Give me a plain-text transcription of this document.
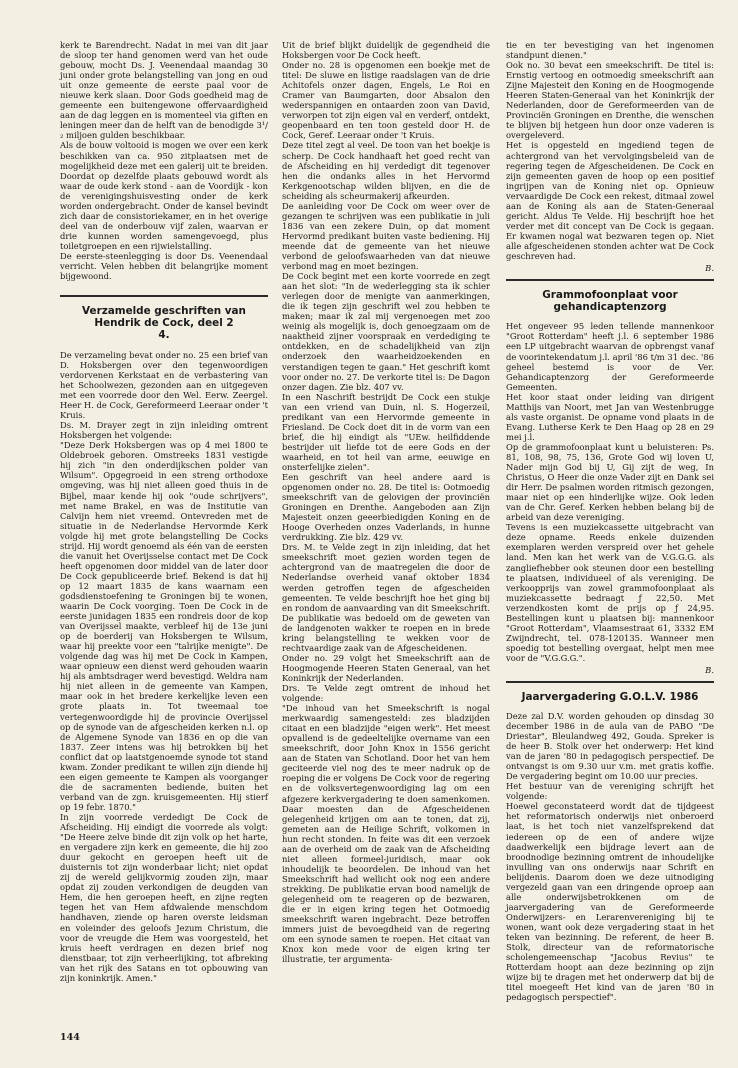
kerk te Barendrecht. Nadat in mei van dit jaar de sloop ter hand genomen werd van het oude gebouw, mocht Ds. J. Veenendaal maandag 30 juni onder grote belangstelling van jong en oud uit onze gemeente de eerste paal voor de nieuwe kerk slaan. Door Gods goedheid mag de gemeente een buitengewone offervaardigheid aan de dag leggen en is momenteel via giften en leningen meer dan de helft van de benodigde 3¹/₂ miljoen gulden beschikbaar.

Als de bouw voltooid is mogen we over een kerk beschikken van ca. 950 zitplaatsen met de mogelijkheid deze met een galerij uit te breiden. Doordat op dezelfde plaats gebouwd wordt als waar de oude kerk stond - aan de Voordijk - kon de verenigingshuisvesting onder de kerk worden ondergebracht. Onder de kansel bevindt zich daar de consistoriekamer, en in het overige deel van de onderbouw vijf zalen, waarvan er drie kunnen worden samengevoegd, plus toiletgroepen en een rijwielstalling.

De eerste-steenlegging is door Ds. Veenendaal verricht. Velen hebben dit belangrijke moment bijgewoond.

Verzamelde geschriften van Hendrik de Cock, deel 2
4.

De verzameling bevat onder no. 25 een brief van D. Hoksbergen over den tegenwoordigen verdorvenen Kerkstaat en de verbastering van het Schoolwezen, gezonden aan en uitgegeven met een voorrede door den Wel. Eerw. Zeergel. Heer H. de Cock, Gereformeerd Leeraar onder 't Kruis.

Ds. M. Drayer zegt in zijn inleiding omtrent Hoksbergen het volgende:

"Deze Derk Hoksbergen was op 4 mei 1800 te Oldebroek geboren. Omstreeks 1831 vestigde hij zich "in den onderdijkschen polder van Wilsum". Opgegroeid in een streng orthodoxe omgeving, was hij niet alleen goed thuis in de Bijbel, maar kende hij ook "oude schrijvers", met name Brakel, en was de Institutie van Calvijn hem niet vreemd. Ontevreden met de situatie in de Nederlandse Hervormde Kerk volgde hij met grote belangstelling De Cocks strijd. Hij wordt genoemd als één van de eersten die vanuit het Overijsselse contact met De Cock heeft opgenomen door middel van de later door De Cock gepubliceerde brief. Bekend is dat hij op 12 maart 1835 de kans waarnam een godsdienstoefening te Groningen bij te wonen, waarin De Cock voorging. Toen De Cock in de eerste junidagen 1835 een rondreis door de kop van Overijssel maakte, verbleef hij de 13e juni op de boerderij van Hoksbergen te Wilsum, waar hij preekte voor een "talrijke menigte". De volgende dag was hij met De Cock in Kampen, waar opnieuw een dienst werd gehouden waarin hij als ambtsdrager werd bevestigd. Weldra nam hij niet alleen in de gemeente van Kampen, maar ook in het bredere kerkelijke leven een grote plaats in. Tot tweemaal toe vertegenwoordigde hij de provincie Overijssel op de synode van de afgescheiden kerken n.l. op de Algemene Synode van 1836 en op die van 1837. Zeer intens was hij betrokken bij het conflict dat op laatstgenoemde synode tot stand kwam. Zonder predikant te willen zijn diende hij een eigen gemeente te Kampen als voorganger die de sacramenten bediende, buiten het verband van de zgn. kruisgemeenten. Hij stierf op 19 febr. 1870."

In zijn voorrede verdedigt De Cock de Afscheiding. Hij eindigt die voorrede als volgt: "De Heere zelve binde dit zijn volk op het harte, en vergadere zijn kerk en gemeente, die hij zoo duur gekocht en geroepen heeft uit de duisternis tot zijn wonderbaar licht; niet opdat zij de wereld gelijkvormig zouden zijn, maar opdat zij zouden verkondigen de deugden van Hem, die hen geroepen heeft, en zijne regten tegen het van Hem afdwalende menschdom handhaven, ziende op haren overste leidsman en voleinder des geloofs Jezum Christum, die voor de vreugde die Hem was voorgesteld, het kruis heeft verdragen en dezen brief nog dienstbaar, tot zijn verheerlijking, tot afbreking van het rijk des Satans en tot opbouwing van zijn koninkrijk. Amen."

Uit de brief blijkt duidelijk de gegendheid die Hoksbergen voor De Cock heeft.

Onder no. 28 is opgenomen een boekje met de titel: De sluwe en listige raadslagen van de drie Achitofels onzer dagen, Engels, Le Roi en Cramer van Baumgarten, door Absalon den wederspannigen en ontaarden zoon van David, verworpen tot zijn eigen val en verderf, ontdekt, geopenbaard en ten toon gesteld door H. de Cock, Geref. Leeraar onder 't Kruis.

Deze titel zegt al veel. De toon van het boekje is scherp. De Cock handhaaft het goed recht van de Afscheiding en hij verdedigt dit tegenover hen die ondanks alles in het Hervormd Kerkgenootschap wilden blijven, en die de scheiding als scheurmakerij afkeurden.

De aanleiding voor De Cock om weer over de gezangen te schrijven was een publikatie in juli 1836 van een zekere Duin, op dat moment Hervormd predikant buiten vaste bediening. Hij meende dat de gemeente van het nieuwe verbond de geloofswaarheden van dat nieuwe verbond mag en moet bezingen.

De Cock begint met een korte voorrede en zegt aan het slot: "In de wederlegging sta ik schier verlegen door de menigte van aanmerkingen, die ik tegen zijn geschrift wel zou hebben te maken; maar ik zal mij vergenoegen met zoo weinig als mogelijk is, doch genoegzaam om de naaktheid zijner voorspraak en verdediging te ontdekken, en de schadelijkheid van zijn onderzoek den waarheidzoekenden en verstandigen tegen te gaan." Het geschrift komt voor onder no. 27. De verkorte titel is: De Dagon onzer dagen. Zie blz. 407 vv.

In een Naschrift bestrijdt De Cock een stukje van een vriend van Duin, nl. S. Hogerzeil, predikant van een Hervormde gemeente in Friesland. De Cock doet dit in de vorm van een brief, die hij eindigt als "UEw. heilfiddende bestrijder uit liefde tot de eere Gods en der waarheid, en tot heil van arme, eeuwige en onsterfelijke zielen".

Een geschrift van heel andere aard is opgenomen onder no. 28. De titel is: Ootmoedig smeekschrift van de gelovigen der provinciën Groningen en Drenthe. Aangeboden aan Zijn Majesteit onzen geeerbiedigden Koning en de Hooge Overheden onzes Vaderlands, in hunne verdrukking. Zie blz. 429 vv.

Drs. M. te Velde zegt in zijn inleiding, dat het smeekschrift moet gezien worden tegen de achtergrond van de maatregelen die door de Nederlandse overheid vanaf oktober 1834 werden getroffen tegen de afgescheiden gemeenten. Te velde beschrijft hoe het ging bij en rondom de aanvaarding van dit Smeekschrift. De publikatie was bedoeld om de geweten van de landgenoten wakker te roepen en in brede kring belangstelling te wekken voor de rechtvaardige zaak van de Afgescheidenen.

Onder no. 29 volgt het Smeekschrift aan de Hoogmogende Heeren Staten Generaal, van het Koninkrijk der Nederlanden.

Drs. Te Velde zegt omtrent de inhoud het volgende:

"De inhoud van het Smeekschrift is nogal merkwaardig samengesteld: zes bladzijden citaat en een bladzijde "eigen werk". Het meest opvallend is de gedeeltelijke overname van een smeekschrift, door John Knox in 1556 gericht aan de Staten van Schotland. Door het van hem geciteerde viel nog des te meer nadruk op de roeping die er volgens De Cock voor de regering en de volksvertegenwoordiging lag om een afgezere kerkvergadering te doen samenkomen. Daar moesten dan de Afgescheidenen gelegenheid krijgen om aan te tonen, dat zij, gemeten aan de Heilige Schrift, volkomen in hun recht stonden. In feite was dit een verzoek aan de overheid om de zaak van de Afscheiding niet alleen formeel-juridisch, maar ook inhoudelijk te beoordelen. De inhoud van het Smeekschrift had wellicht ook nog een andere strekking. De publikatie ervan bood namelijk de gelegenheid om te reageren op de bezwaren, die er in eigen kring tegen het Ootmoedig smeekschrift waren ingebracht. Deze betroffen immers juist de bevoegdheid van de regering om een synode samen te roepen. Het citaat van Knox kon mede voor de eigen kring ter illustratie, ter argumenta-

tie en ter bevestiging van het ingenomen standpunt dienen."

Ook no. 30 bevat een smeekschrift. De titel is: Ernstig vertoog en ootmoedig smeekschrift aan Zijne Majesteit den Koning en de Hoogmogende Heeren Staten-Generaal van het Koninkrijk der Nederlanden, door de Gereformeerden van de Provinciën Groningen en Drenthe, die wenschen te blijven bij hetgeen hun door onze vaderen is overgeleverd.

Het is opgesteld en ingediend tegen de achtergrond van het vervolgingsbeleid van de regering tegen de Afgescheidenen. De Cock en zijn gemeenten gaven de hoop op een positief ingrijpen van de Koning niet op. Opnieuw vervaardigde De Cock een rekest, ditmaal zowel aan de Koning als aan de Staten-Generaal gericht. Aldus Te Velde. Hij beschrijft hoe het verder met dit concept van De Cock is gegaan. Er kwamen nogal wat bezwaren tegen op. Niet alle afgescheidenen stonden achter wat De Cock geschreven had.

B.

Grammofoonplaat voor gehandicaptenzorg

Het ongeveer 95 leden tellende mannenkoor "Groot Rotterdam" heeft j.l. 6 september 1986 een LP uitgebracht waarvan de opbrengst vanaf de voorintekendatum j.l. april '86 t/m 31 dec. '86 geheel bestemd is voor de Ver. Gehandicaptenzorg der Gereformeerde Gemeenten.

Het koor staat onder leiding van dirigent Matthijs van Noort, met Jan van Westenbrugge als vaste organist. De opname vond plaats in de Evang. Lutherse Kerk te Den Haag op 28 en 29 mei j.l.

Op de grammofoonplaat kunt u beluisteren: Ps. 81, 108, 98, 75, 136, Grote God wij loven U, Nader mijn God bij U, Gij zijt de weg, In Christus, O Heer die onze Vader zijt en Dank sei dir Herr. De psalmen worden ritmisch gezongen, maar niet op een hinderlijke wijze. Ook leden van de Chr. Geref. Kerken hebben belang bij de arbeid van deze vereniging.

Tevens is een muziekcassette uitgebracht van deze opname. Reeds enkele duizenden exemplaren werden verspreid over het gehele land. Men kan het werk van de V.G.G.G. als zangliefhebber ook steunen door een bestelling te plaatsen, individueel of als vereniging. De verkoopprijs van zowel grammofoonplaat als muziekcassette bedraagt ƒ 22,50. Met verzendkosten komt de prijs op ƒ 24,95. Bestellingen kunt u plaatsen bij: mannenkoor "Groot Rotterdam", Vlaamsestraat 61, 3332 EM Zwijndrecht, tel. 078-120135. Wanneer men spoedig tot bestelling overgaat, helpt men mee voor de "V.G.G.G.".

B.

Jaarvergadering G.O.L.V. 1986

Deze zal D.V. worden gehouden op dinsdag 30 december 1986 in de aula van de PABO "De Driestar", Bleulandweg 492, Gouda. Spreker is de heer B. Stolk over het onderwerp: Het kind van de jaren '80 in pedagogisch perspectief. De ontvangst is om 9.30 uur v.m. met gratis koffie. De vergadering begint om 10.00 uur precies.

Het bestuur van de vereniging schrijft het volgende:

Hoewel geconstateerd wordt dat de tijdgeest het reformatorisch onderwijs niet onberoerd laat, is het toch niet vanzelfsprekend dat iedereen op de een of andere wijze daadwerkelijk een bijdrage levert aan de broodnodige bezinning omtrent de inhoudelijke invulling van ons onderwijs naar Schrift en belijdenis. Daarom doen we deze uitnodiging vergezeld gaan van een dringende oproep aan alle onderwijsbetrokkenen om de jaarvergadering van de Gereformeerde Onderwijzers- en Lerarenvereniging bij te wonen, want ook deze vergadering staat in het teken van bezinning. De referent, de heer B. Stolk, directeur van de reformatorische scholengemeenschap "Jacobus Revius" te Rotterdam hoopt aan deze bezinning op zijn wijze bij te dragen met het onderwerp dat bij de titel moegeeft Het kind van de jaren '80 in pedagogisch perspectief".

144
